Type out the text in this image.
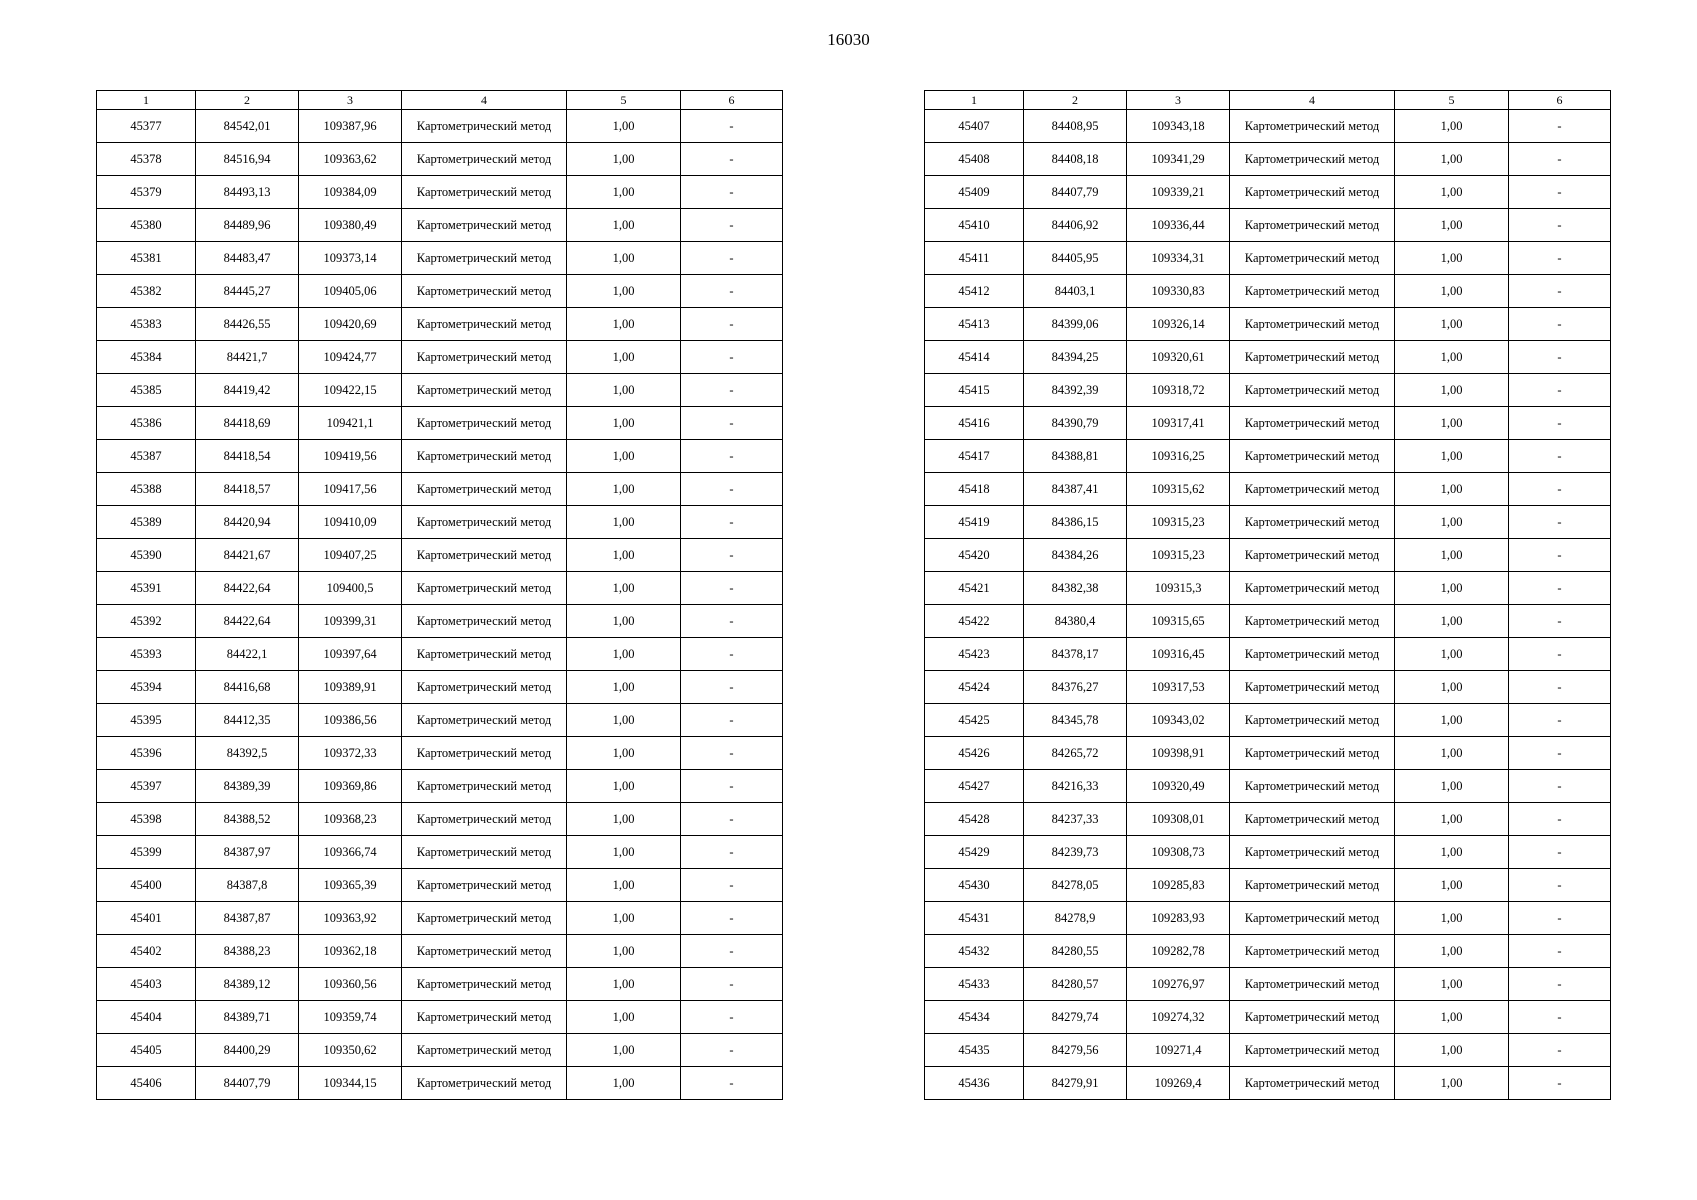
16030
1	2	3	4	5	6
45377	84542,01	109387,96	Картометрический метод	1,00	-
45378	84516,94	109363,62	Картометрический метод	1,00	-
45379	84493,13	109384,09	Картометрический метод	1,00	-
45380	84489,96	109380,49	Картометрический метод	1,00	-
45381	84483,47	109373,14	Картометрический метод	1,00	-
45382	84445,27	109405,06	Картометрический метод	1,00	-
45383	84426,55	109420,69	Картометрический метод	1,00	-
45384	84421,7	109424,77	Картометрический метод	1,00	-
45385	84419,42	109422,15	Картометрический метод	1,00	-
45386	84418,69	109421,1	Картометрический метод	1,00	-
45387	84418,54	109419,56	Картометрический метод	1,00	-
45388	84418,57	109417,56	Картометрический метод	1,00	-
45389	84420,94	109410,09	Картометрический метод	1,00	-
45390	84421,67	109407,25	Картометрический метод	1,00	-
45391	84422,64	109400,5	Картометрический метод	1,00	-
45392	84422,64	109399,31	Картометрический метод	1,00	-
45393	84422,1	109397,64	Картометрический метод	1,00	-
45394	84416,68	109389,91	Картометрический метод	1,00	-
45395	84412,35	109386,56	Картометрический метод	1,00	-
45396	84392,5	109372,33	Картометрический метод	1,00	-
45397	84389,39	109369,86	Картометрический метод	1,00	-
45398	84388,52	109368,23	Картометрический метод	1,00	-
45399	84387,97	109366,74	Картометрический метод	1,00	-
45400	84387,8	109365,39	Картометрический метод	1,00	-
45401	84387,87	109363,92	Картометрический метод	1,00	-
45402	84388,23	109362,18	Картометрический метод	1,00	-
45403	84389,12	109360,56	Картометрический метод	1,00	-
45404	84389,71	109359,74	Картометрический метод	1,00	-
45405	84400,29	109350,62	Картометрический метод	1,00	-
45406	84407,79	109344,15	Картометрический метод	1,00	-
1	2	3	4	5	6
45407	84408,95	109343,18	Картометрический метод	1,00	-
45408	84408,18	109341,29	Картометрический метод	1,00	-
45409	84407,79	109339,21	Картометрический метод	1,00	-
45410	84406,92	109336,44	Картометрический метод	1,00	-
45411	84405,95	109334,31	Картометрический метод	1,00	-
45412	84403,1	109330,83	Картометрический метод	1,00	-
45413	84399,06	109326,14	Картометрический метод	1,00	-
45414	84394,25	109320,61	Картометрический метод	1,00	-
45415	84392,39	109318,72	Картометрический метод	1,00	-
45416	84390,79	109317,41	Картометрический метод	1,00	-
45417	84388,81	109316,25	Картометрический метод	1,00	-
45418	84387,41	109315,62	Картометрический метод	1,00	-
45419	84386,15	109315,23	Картометрический метод	1,00	-
45420	84384,26	109315,23	Картометрический метод	1,00	-
45421	84382,38	109315,3	Картометрический метод	1,00	-
45422	84380,4	109315,65	Картометрический метод	1,00	-
45423	84378,17	109316,45	Картометрический метод	1,00	-
45424	84376,27	109317,53	Картометрический метод	1,00	-
45425	84345,78	109343,02	Картометрический метод	1,00	-
45426	84265,72	109398,91	Картометрический метод	1,00	-
45427	84216,33	109320,49	Картометрический метод	1,00	-
45428	84237,33	109308,01	Картометрический метод	1,00	-
45429	84239,73	109308,73	Картометрический метод	1,00	-
45430	84278,05	109285,83	Картометрический метод	1,00	-
45431	84278,9	109283,93	Картометрический метод	1,00	-
45432	84280,55	109282,78	Картометрический метод	1,00	-
45433	84280,57	109276,97	Картометрический метод	1,00	-
45434	84279,74	109274,32	Картометрический метод	1,00	-
45435	84279,56	109271,4	Картометрический метод	1,00	-
45436	84279,91	109269,4	Картометрический метод	1,00	-
